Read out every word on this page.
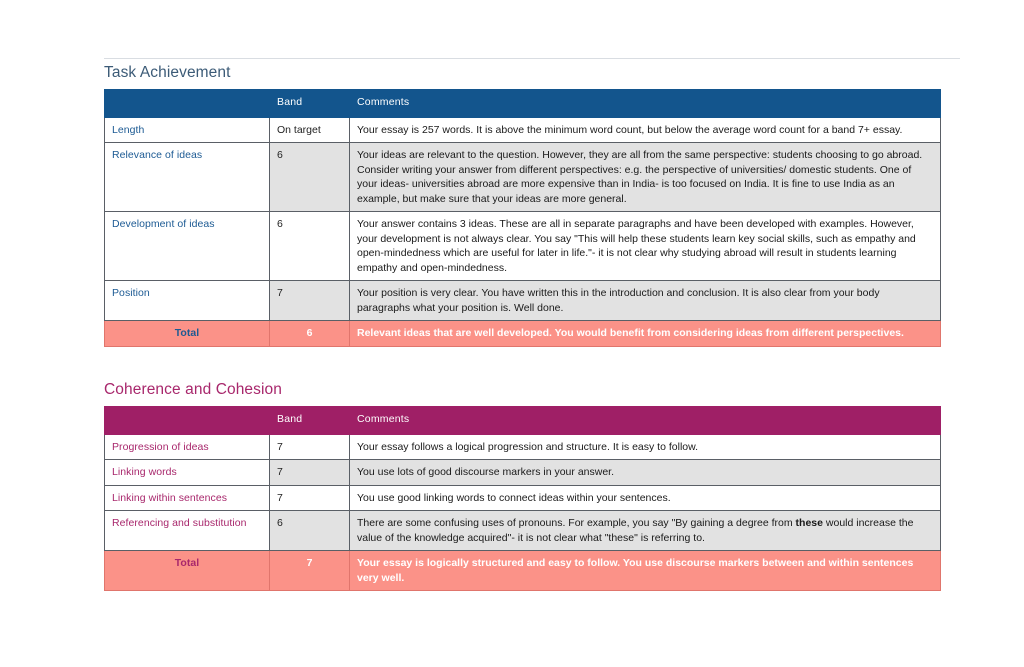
Task Achievement
	Band	Comments
Length	On target	Your essay is 257 words. It is above the minimum word count, but below the average word count for a band 7+ essay.
Relevance of ideas	6	Your ideas are relevant to the question. However, they are all from the same perspective: students choosing to go abroad. Consider writing your answer from different perspectives: e.g. the perspective of universities/ domestic students. One of your ideas- universities abroad are more expensive than in India- is too focused on India. It is fine to use India as an example, but make sure that your ideas are more general.
Development of ideas	6	Your answer contains 3 ideas. These are all in separate paragraphs and have been developed with examples. However, your development is not always clear. You say "This will help these students learn key social skills, such as empathy and open-mindedness which are useful for later in life."- it is not clear why studying abroad will result in students learning empathy and open-mindedness.
Position	7	Your position is very clear. You have written this in the introduction and conclusion. It is also clear from your body paragraphs what your position is. Well done.
Total	6	Relevant ideas that are well developed. You would benefit from considering ideas from different perspectives.
Coherence and Cohesion
	Band	Comments
Progression of ideas	7	Your essay follows a logical progression and structure. It is easy to follow.
Linking words	7	You use lots of good discourse markers in your answer.
Linking within sentences	7	You use good linking words to connect ideas within your sentences.
Referencing and substitution	6	There are some confusing uses of pronouns. For example, you say "By gaining a degree from these would increase the value of the knowledge acquired"- it is not clear what "these" is referring to.
Total	7	Your essay is logically structured and easy to follow. You use discourse markers between and within sentences very well.
